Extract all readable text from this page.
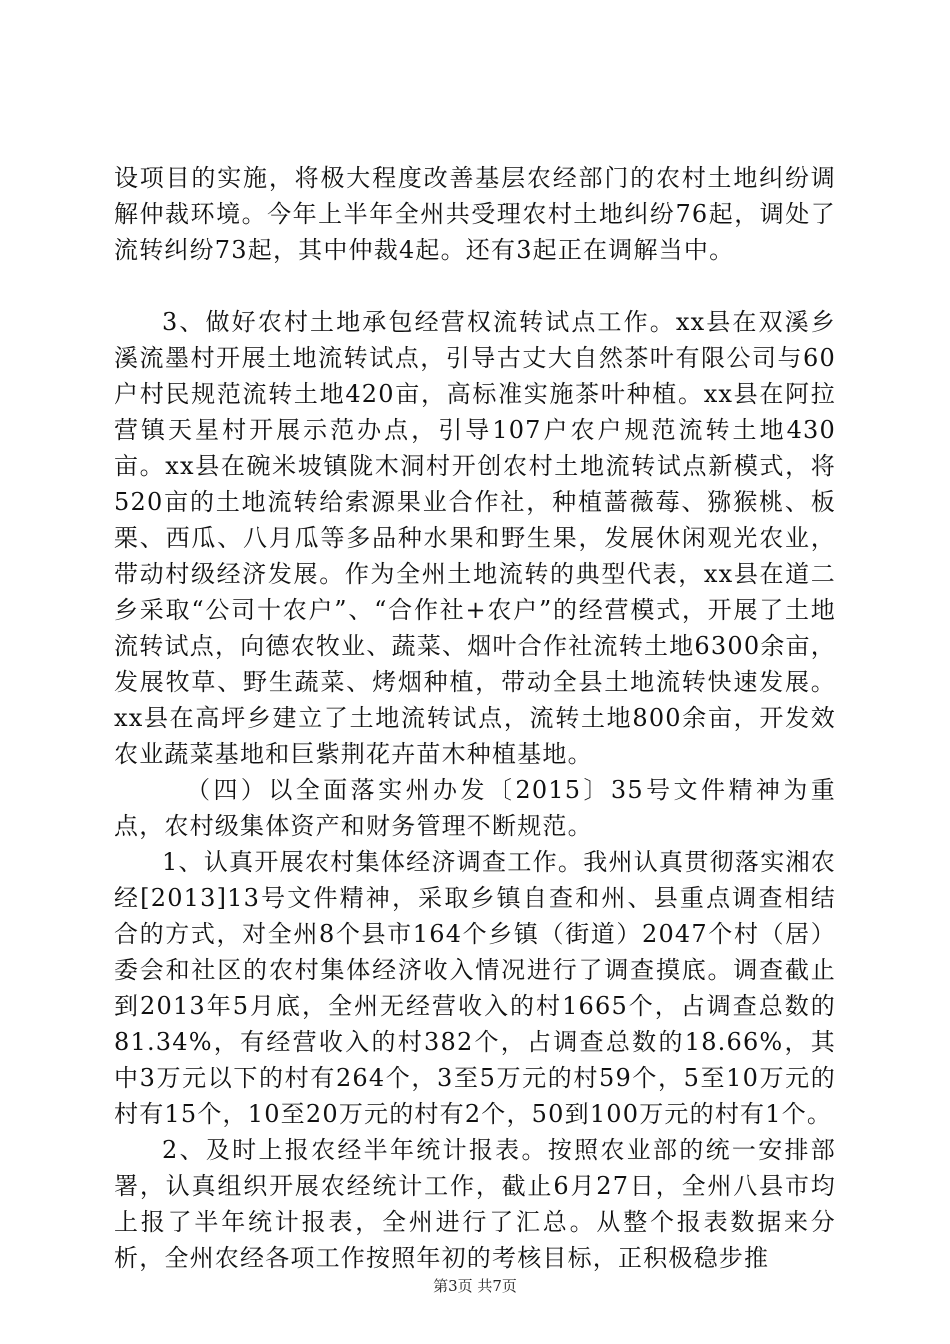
设项目的实施，将极大程度改善基层农经部门的农村土地纠纷调解仲裁环境。今年上半年全州共受理农村土地纠纷76起，调处了流转纠纷73起，其中仲裁4起。还有3起正在调解当中。

3、做好农村土地承包经营权流转试点工作。xx县在双溪乡溪流墨村开展土地流转试点，引导古丈大自然茶叶有限公司与60户村民规范流转土地420亩，高标准实施茶叶种植。xx县在阿拉营镇天星村开展示范办点，引导107户农户规范流转土地430亩。xx县在碗米坡镇陇木洞村开创农村土地流转试点新模式，将520亩的土地流转给索源果业合作社，种植蔷薇莓、猕猴桃、板栗、西瓜、八月瓜等多品种水果和野生果，发展休闲观光农业，带动村级经济发展。作为全州土地流转的典型代表，xx县在道二乡采取“公司十农户”、“合作社+农户”的经营模式，开展了土地流转试点，向德农牧业、蔬菜、烟叶合作社流转土地6300余亩，发展牧草、野生蔬菜、烤烟种植，带动全县土地流转快速发展。xx县在高坪乡建立了土地流转试点，流转土地800余亩，开发效农业蔬菜基地和巨紫荆花卉苗木种植基地。

（四）以全面落实州办发〔2015〕35号文件精神为重点，农村级集体资产和财务管理不断规范。

1、认真开展农村集体经济调查工作。我州认真贯彻落实湘农经[2013]13号文件精神，采取乡镇自查和州、县重点调查相结合的方式，对全州8个县市164个乡镇（街道）2047个村（居）委会和社区的农村集体经济收入情况进行了调查摸底。调查截止到2013年5月底，全州无经营收入的村1665个，占调查总数的81.34%，有经营收入的村382个，占调查总数的18.66%，其中3万元以下的村有264个，3至5万元的村59个，5至10万元的村有15个，10至20万元的村有2个，50到100万元的村有1个。

2、及时上报农经半年统计报表。按照农业部的统一安排部署，认真组织开展农经统计工作，截止6月27日，全州八县市均上报了半年统计报表，全州进行了汇总。从整个报表数据来分析，全州农经各项工作按照年初的考核目标，正积极稳步推

第3页 共7页
